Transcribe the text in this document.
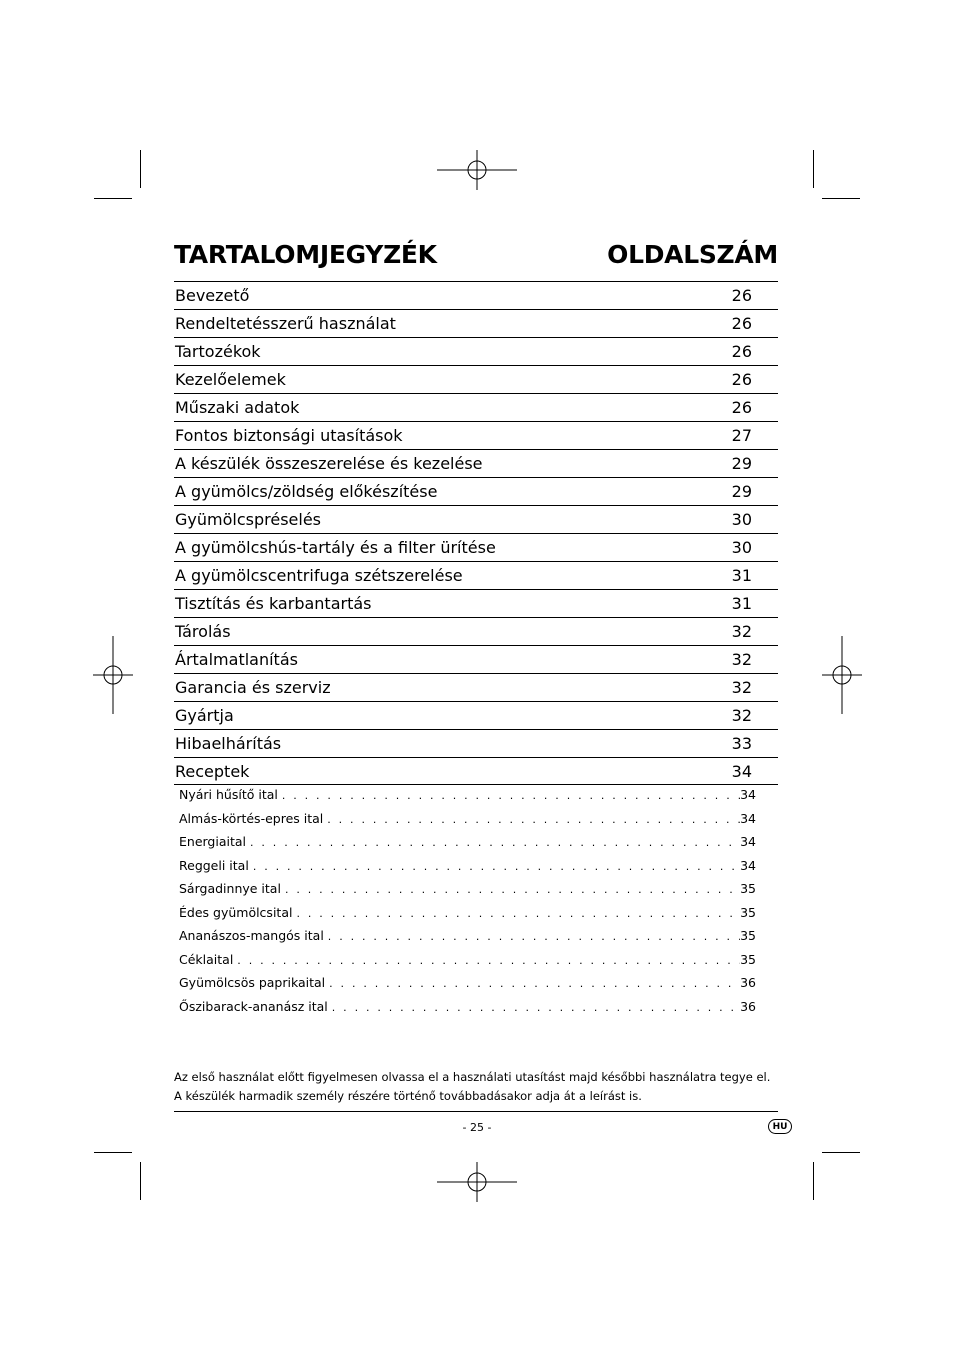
TARTALOMJEGYZÉK	OLDALSZÁM
Bevezető	26
Rendeltetésszerű használat	26
Tartozékok	26
Kezelőelemek	26
Műszaki adatok	26
Fontos biztonsági utasítások	27
A készülék összeszerelése és kezelése	29
A gyümölcs/zöldség előkészítése	29
Gyümölcspréselés	30
A gyümölcshús-tartály és a filter ürítése	30
A gyümölcscentrifuga szétszerelése	31
Tisztítás és karbantartás	31
Tárolás	32
Ártalmatlanítás	32
Garancia és szerviz	32
Gyártja	32
Hibaelhárítás	33
Receptek	34
Nyári hűsítő ital . . .	34
Almás-körtés-epres ital . . .	34
Energiaital . . .	34
Reggeli ital . . .	34
Sárgadinnye ital . . .	35
Édes gyümölcsital . . .	35
Ananászos-mangós ital . . .	35
Céklaital . . .	35
Gyümölcsös paprikaital . . .	36
Őszibarack-ananász ital . . .	36
Az első használat előtt figyelmesen olvassa el a használati utasítást majd későbbi használatra tegye el.
A készülék harmadik személy részére történő továbbadásakor adja át a leírást is.
- 25 -	HU
